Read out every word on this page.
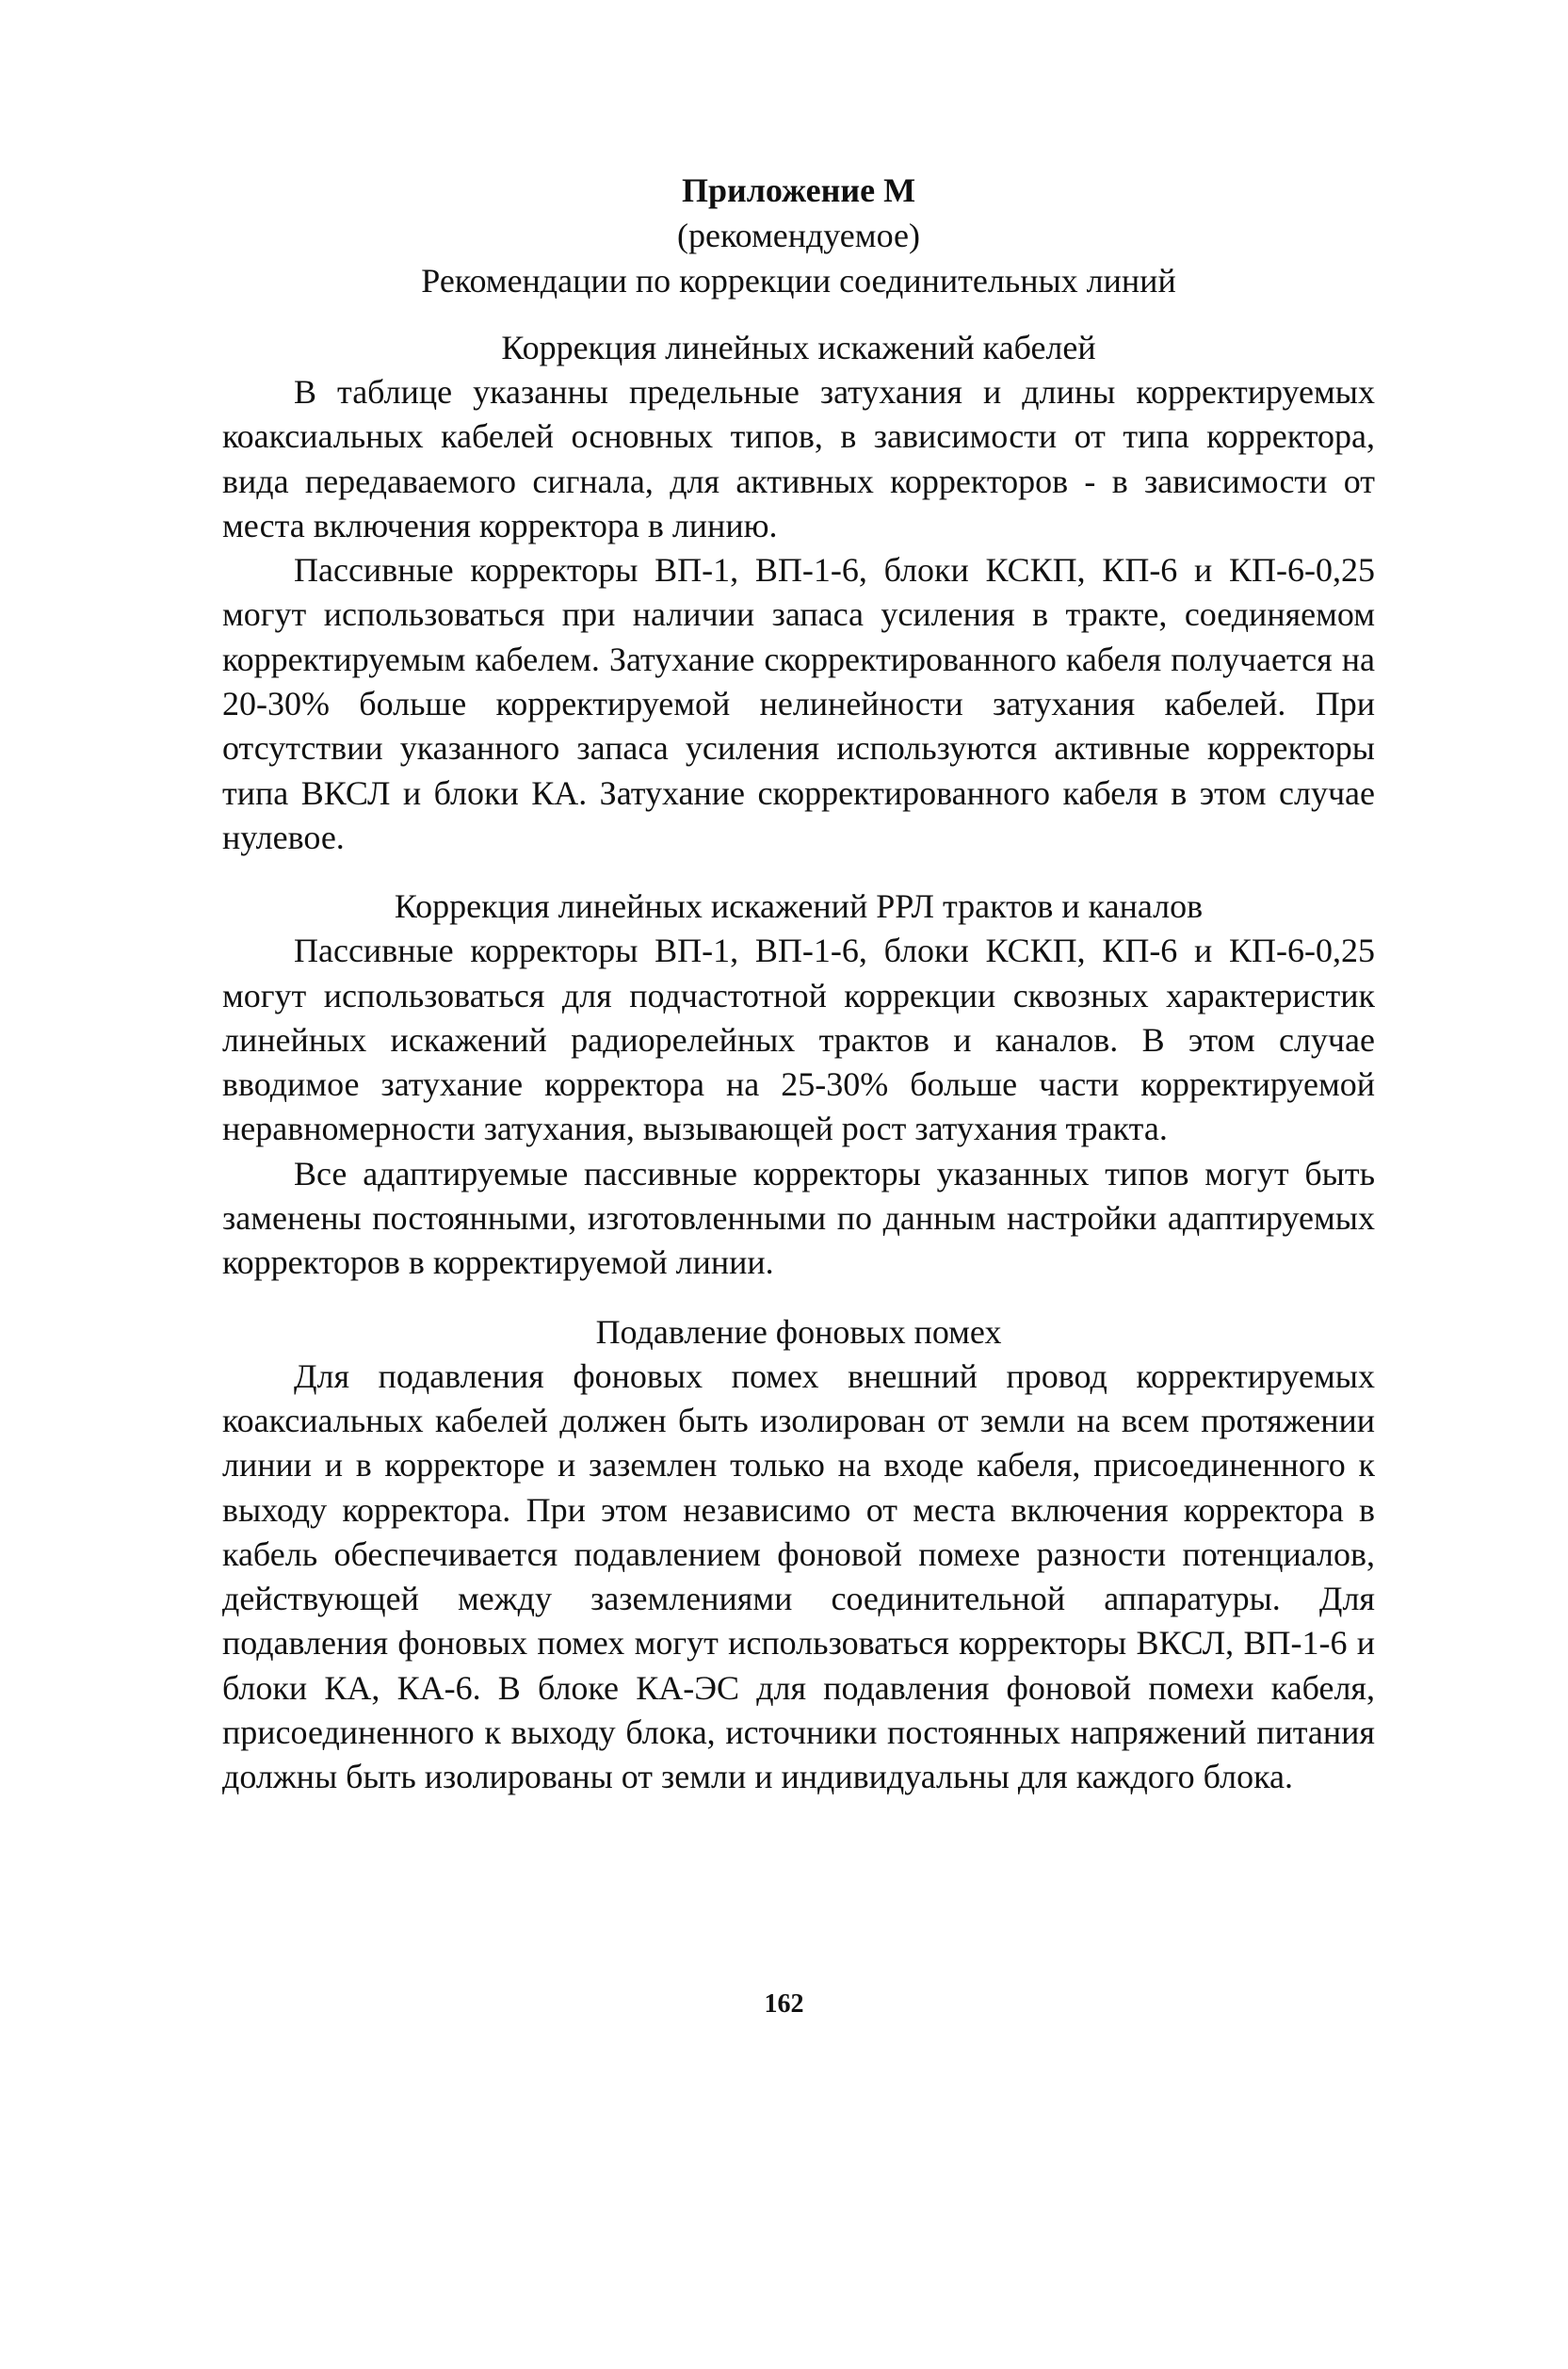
Приложение М
(рекомендуемое)
Рекомендации по коррекции соединительных линий
Коррекция линейных искажений кабелей

В таблице указанны предельные затухания и длины корректируемых коаксиальных кабелей основных типов, в зависимости от типа корректора, вида передаваемого сигнала, для активных корректоров - в зависимости от места включения корректора в линию.

Пассивные корректоры ВП-1, ВП-1-6, блоки КСКП, КП-6 и КП-6-0,25 могут использоваться при наличии запаса усиления в тракте, соединяемом корректируемым кабелем. Затухание скорректированного кабеля получается на 20-30% больше корректируемой нелинейности затухания кабелей. При отсутствии указанного запаса усиления используются активные корректоры типа ВКСЛ и блоки КА. Затухание скорректированного кабеля в этом случае нулевое.

Коррекция линейных искажений РРЛ трактов и каналов

Пассивные корректоры ВП-1, ВП-1-6, блоки КСКП, КП-6 и КП-6-0,25 могут использоваться для подчастотной коррекции сквозных характеристик линейных искажений радиорелейных трактов и каналов. В этом случае вводимое затухание корректора на 25-30% больше части корректируемой неравномерности затухания, вызывающей рост затухания тракта.

Все адаптируемые пассивные корректоры указанных типов могут быть заменены постоянными, изготовленными по данным настройки адаптируемых корректоров в корректируемой линии.

Подавление фоновых помех

Для подавления фоновых помех внешний провод корректируемых коаксиальных кабелей должен быть изолирован от земли на всем протяжении линии и в корректоре и заземлен только на входе кабеля, присоединенного к выходу корректора. При этом независимо от места включения корректора в кабель обеспечивается подавлением фоновой помехе разности потенциалов, действующей между заземлениями соединительной аппаратуры. Для подавления фоновых помех могут использоваться корректоры ВКСЛ, ВП-1-6 и блоки КА, КА-6. В блоке КА-ЭС для подавления фоновой помехи кабеля, присоединенного к выходу блока, источники постоянных напряжений питания должны быть изолированы от земли и индивидуальны для каждого блока.

162
